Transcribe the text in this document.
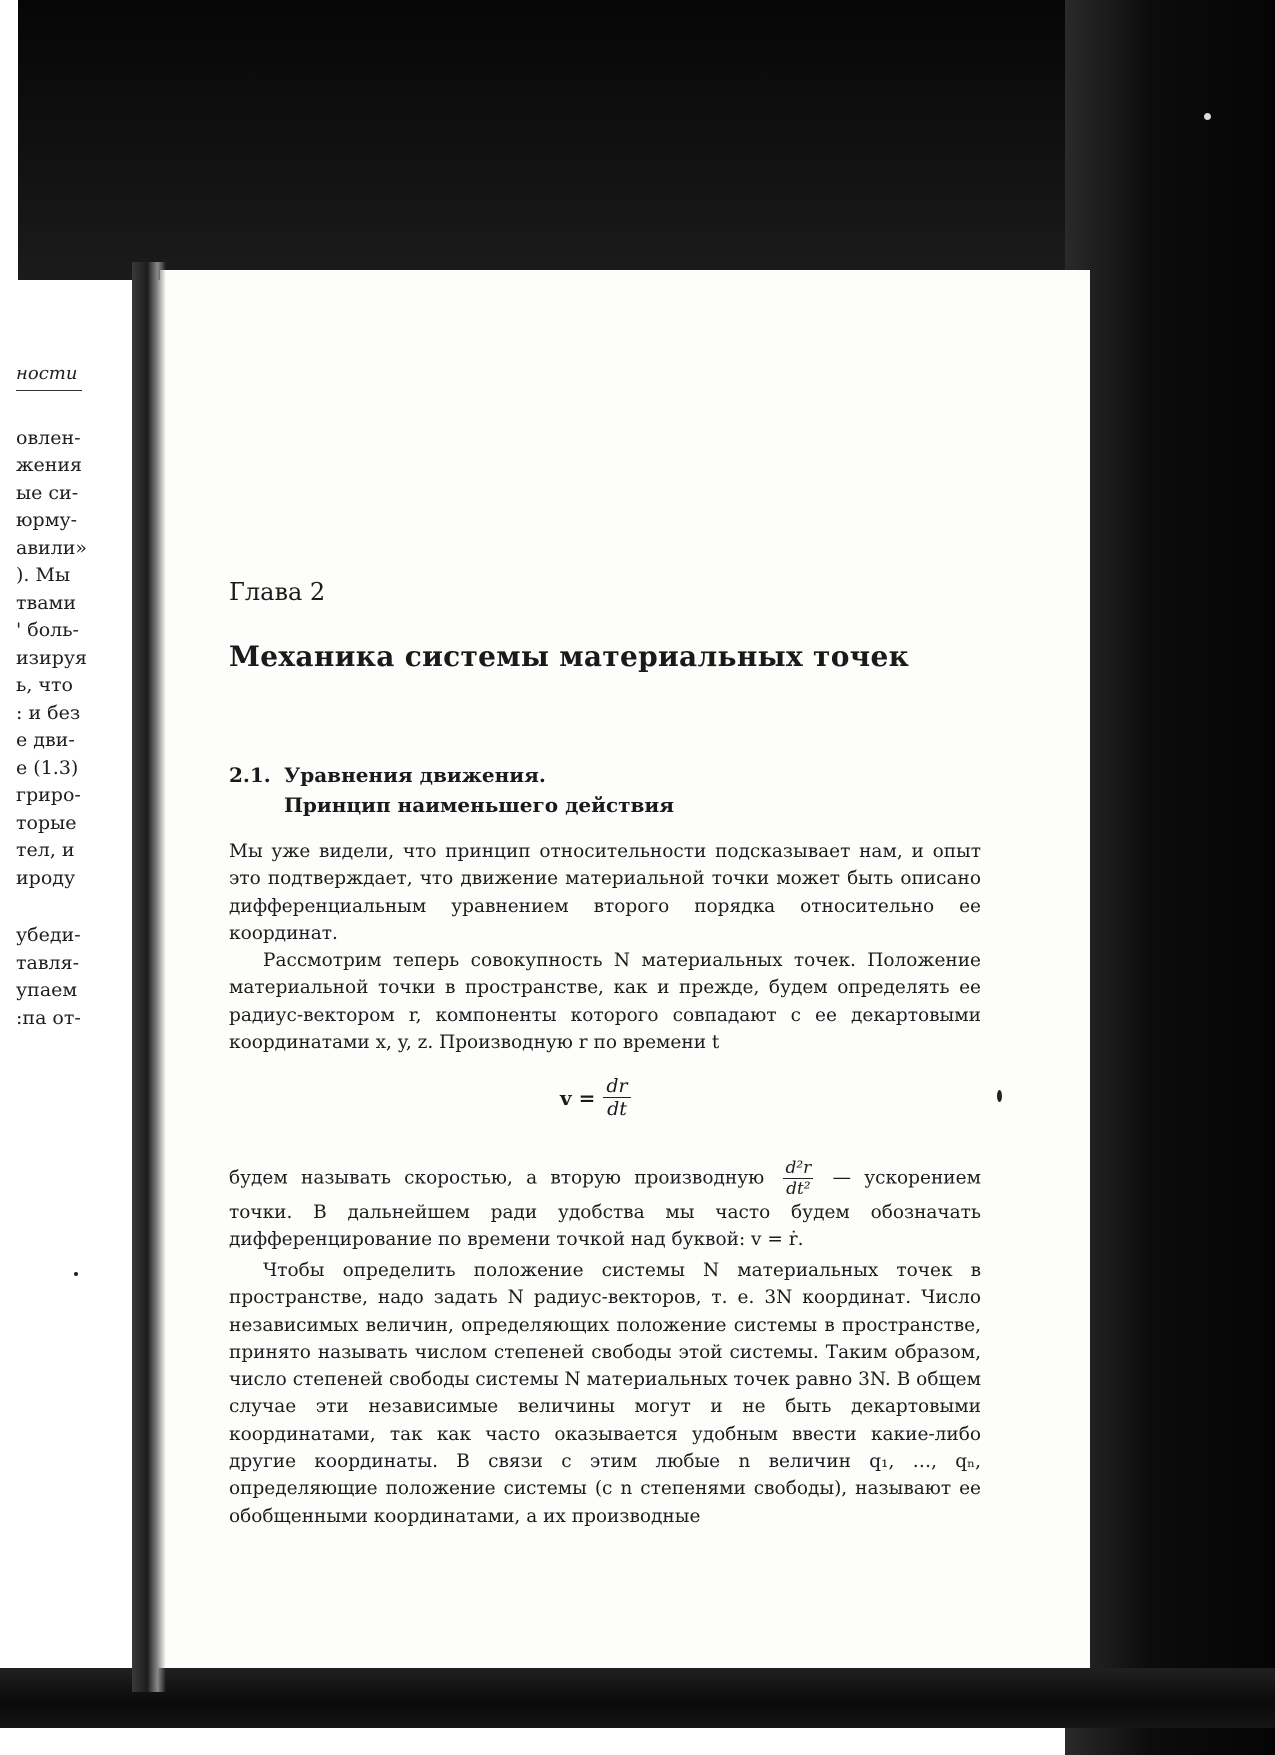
ности
овлен-
жения
ые си-
юрму-
авили»
). Мы
твами
' боль-
изируя
ь, что
: и без
е дви-
е (1.3)
гриро-
торые
тел, и
ироду
убеди-
тавля-
упаем
:па от-
Глава 2
Механика системы материальных точек
2.1. Уравнения движения.
Принцип наименьшего действия

Мы уже видели, что принцип относительности подсказывает нам, и опыт это подтверждает, что движение материальной точки может быть описано дифференциальным уравнением второго порядка относительно ее координат.

Рассмотрим теперь совокупность N материальных точек. Положение материальной точки в пространстве, как и прежде, будем определять ее радиус-вектором r, компоненты которого совпадают с ее декартовыми координатами x, y, z. Производную r по времени t

$v = \frac{dr}{dt}$

будем называть скоростью, а вторую производную $\frac{\text{d²r}}{\text{dt²}}$ — ускорением точки. В дальнейшем ради удобства мы часто будем обозначать дифференцирование по времени точкой над буквой: v = ṙ.

Чтобы определить положение системы N материальных точек в пространстве, надо задать N радиус-векторов, т. е. 3N координат. Число независимых величин, определяющих положение системы в пространстве, принято называть числом степеней свободы этой системы. Таким образом, число степеней свободы системы N материальных точек равно 3N. В общем случае эти независимые величины могут и не быть декартовыми координатами, так как часто оказывается удобным ввести какие-либо другие координаты. В связи с этим любые n величин q₁, …, qₙ, определяющие положение системы (с n степенями свободы), называют ее обобщенными координатами, а их производные
